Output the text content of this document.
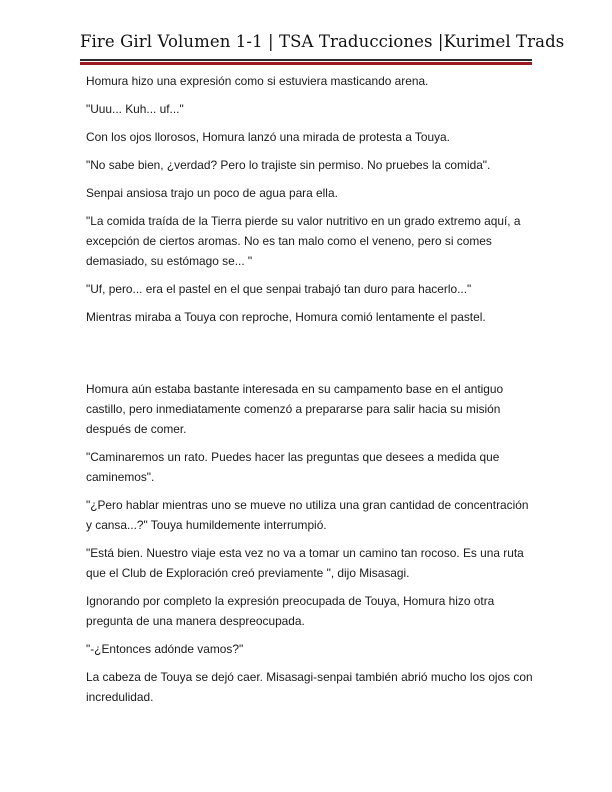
Fire Girl Volumen 1-1 | TSA Traducciones |Kurimel Trads

Homura hizo una expresión como si estuviera masticando arena.

"Uuu... Kuh... uf..."

Con los ojos llorosos, Homura lanzó una mirada de protesta a Touya.

"No sabe bien, ¿verdad? Pero lo trajiste sin permiso. No pruebes la comida".

Senpai ansiosa trajo un poco de agua para ella.

"La comida traída de la Tierra pierde su valor nutritivo en un grado extremo aquí, a excepción de ciertos aromas. No es tan malo como el veneno, pero si comes demasiado, su estómago se... "

"Uf, pero... era el pastel en el que senpai trabajó tan duro para hacerlo..."

Mientras miraba a Touya con reproche, Homura comió lentamente el pastel.

Homura aún estaba bastante interesada en su campamento base en el antiguo castillo, pero inmediatamente comenzó a prepararse para salir hacia su misión después de comer.

"Caminaremos un rato. Puedes hacer las preguntas que desees a medida que caminemos".

"¿Pero hablar mientras uno se mueve no utiliza una gran cantidad de concentración y cansa...?" Touya humildemente interrumpió.

"Está bien. Nuestro viaje esta vez no va a tomar un camino tan rocoso. Es una ruta que el Club de Exploración creó previamente ", dijo Misasagi.

Ignorando por completo la expresión preocupada de Touya, Homura hizo otra pregunta de una manera despreocupada.

"-¿Entonces adónde vamos?"

La cabeza de Touya se dejó caer. Misasagi-senpai también abrió mucho los ojos con incredulidad.
